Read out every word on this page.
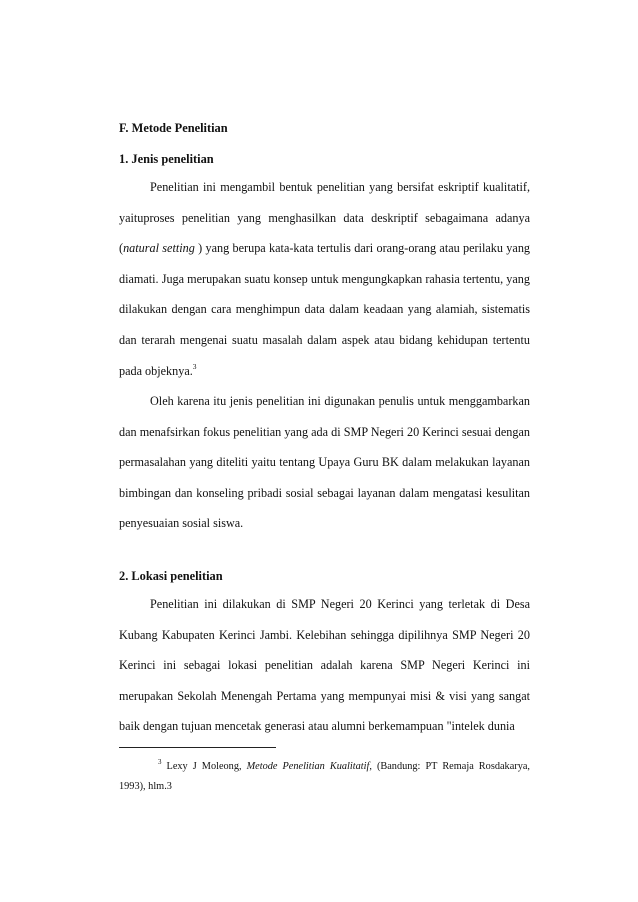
F. Metode Penelitian
1. Jenis penelitian

Penelitian ini mengambil bentuk penelitian yang bersifat eskriptif kualitatif, yaituproses penelitian yang menghasilkan data deskriptif sebagaimana adanya (natural setting ) yang berupa kata-kata tertulis dari orang-orang atau perilaku yang diamati. Juga merupakan suatu konsep untuk mengungkapkan rahasia tertentu, yang dilakukan dengan cara menghimpun data dalam keadaan yang alamiah, sistematis dan terarah mengenai suatu masalah dalam aspek atau bidang kehidupan tertentu pada objeknya.$^3$

Oleh karena itu jenis penelitian ini digunakan penulis untuk menggambarkan dan menafsirkan fokus penelitian yang ada di SMP Negeri 20 Kerinci sesuai dengan permasalahan yang diteliti yaitu tentang Upaya Guru BK dalam melakukan layanan bimbingan dan konseling pribadi sosial sebagai layanan dalam mengatasi kesulitan penyesuaian sosial siswa.

2. Lokasi penelitian

Penelitian ini dilakukan di SMP Negeri 20 Kerinci yang terletak di Desa Kubang Kabupaten Kerinci Jambi. Kelebihan sehingga dipilihnya SMP Negeri 20 Kerinci ini sebagai lokasi penelitian adalah karena SMP Negeri Kerinci ini merupakan Sekolah Menengah Pertama yang mempunyai misi & visi yang sangat baik dengan tujuan mencetak generasi atau alumni berkemampuan "intelek dunia

$^3$ Lexy J Moleong, Metode Penelitian Kualitatif, (Bandung: PT Remaja Rosdakarya, 1993), hlm.3
